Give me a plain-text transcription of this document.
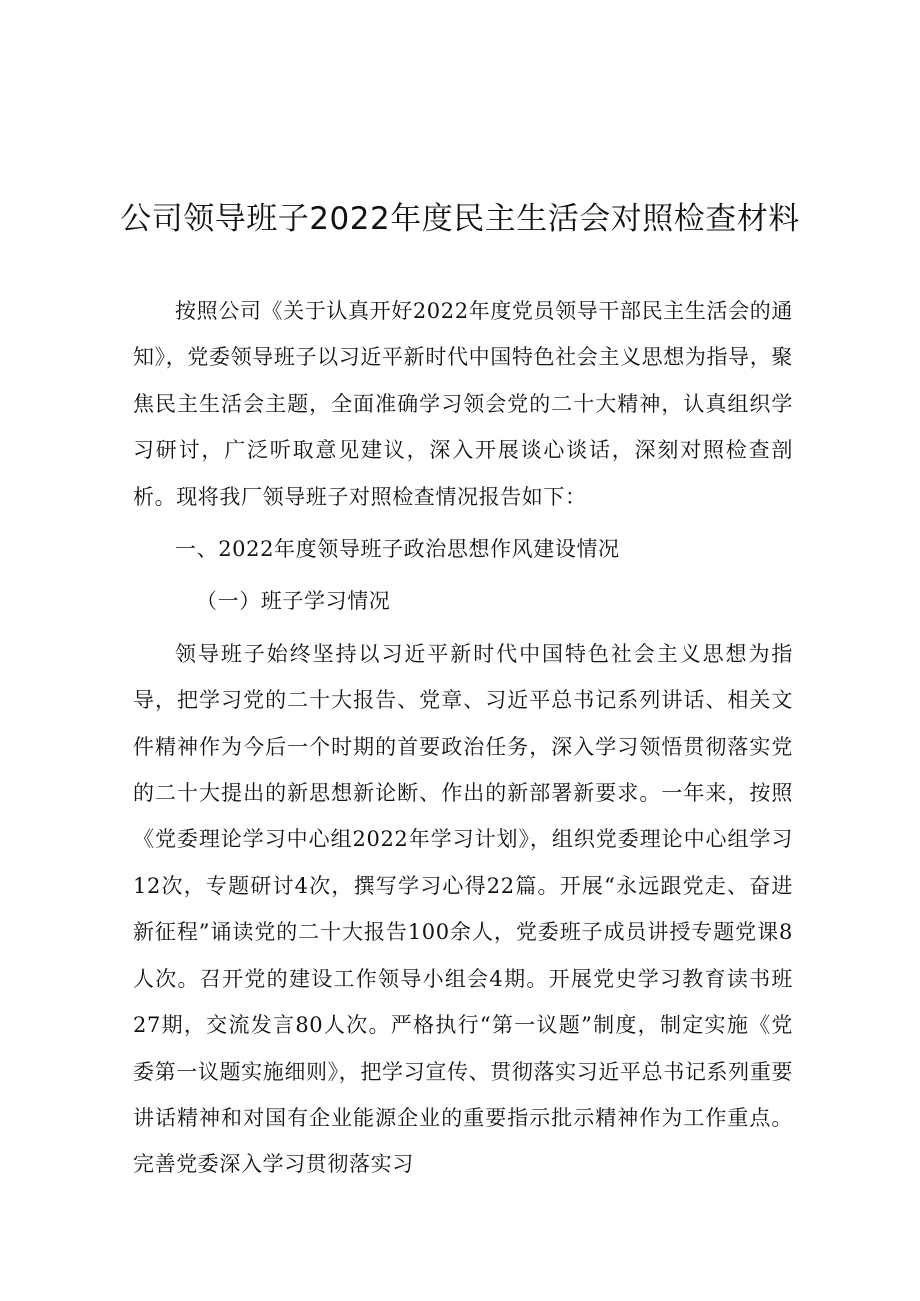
公司领导班子2022年度民主生活会对照检查材料

按照公司《关于认真开好2022年度党员领导干部民主生活会的通知》，党委领导班子以习近平新时代中国特色社会主义思想为指导，聚焦民主生活会主题，全面准确学习领会党的二十大精神，认真组织学习研讨，广泛听取意见建议，深入开展谈心谈话，深刻对照检查剖析。现将我厂领导班子对照检查情况报告如下：

一、2022年度领导班子政治思想作风建设情况

（一）班子学习情况

领导班子始终坚持以习近平新时代中国特色社会主义思想为指导，把学习党的二十大报告、党章、习近平总书记系列讲话、相关文件精神作为今后一个时期的首要政治任务，深入学习领悟贯彻落实党的二十大提出的新思想新论断、作出的新部署新要求。一年来，按照《党委理论学习中心组2022年学习计划》，组织党委理论中心组学习12次，专题研讨4次，撰写学习心得22篇。开展“永远跟党走、奋进新征程”诵读党的二十大报告100余人，党委班子成员讲授专题党课8人次。召开党的建设工作领导小组会4期。开展党史学习教育读书班27期，交流发言80人次。严格执行“第一议题”制度，制定实施《党委第一议题实施细则》，把学习宣传、贯彻落实习近平总书记系列重要讲话精神和对国有企业能源企业的重要指示批示精神作为工作重点。完善党委深入学习贯彻落实习
